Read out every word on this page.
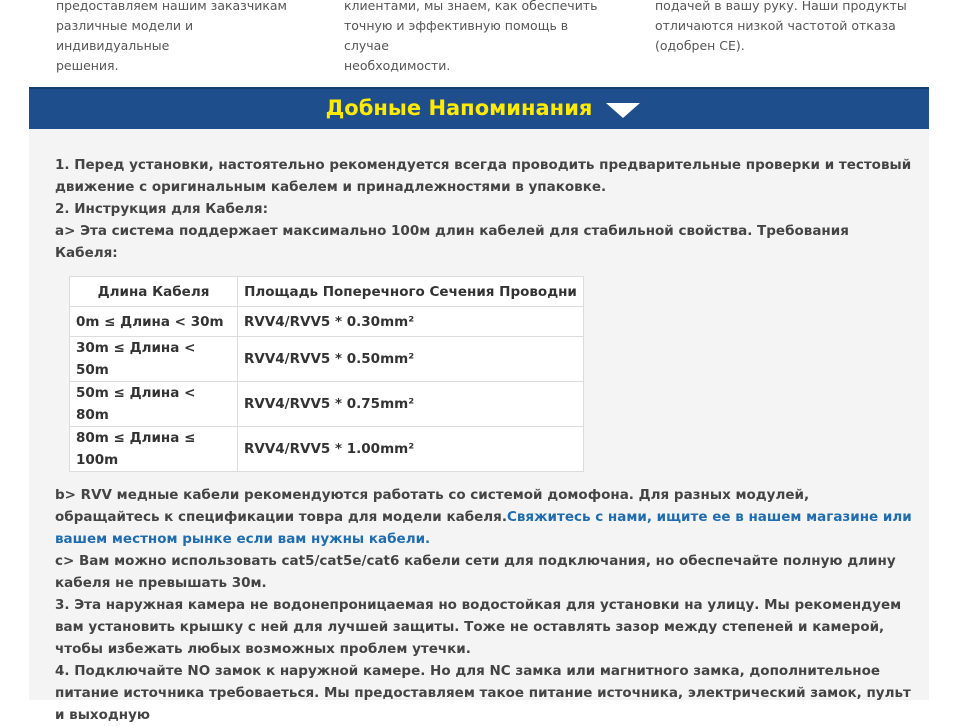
предоставляем нашим заказчикам

различные модели и индивидуальные

решения.

клиентами, мы знаем, как обеспечить

точную и эффективную помощь в случае

необходимости.

подачей в вашу руку. Наши продукты

отличаются низкой частотой отказа

(одобрен CE).

Добные Напоминания

1. Перед установки, настоятельно рекомендуется всегда проводить предварительные проверки и тестовый движение с оригинальным кабелем и принадлежностями в упаковке.

2. Инструкция для Кабеля:

a> Эта система поддержает максимально 100м длин кабелей для стабильной свойства. Требования Кабеля:

Длина Кабеля	Площадь Поперечного Сечения Проводни
0m ≤ Длина < 30m	RVV4/RVV5 * 0.30mm²
30m ≤ Длина < 50m	RVV4/RVV5 * 0.50mm²
50m ≤ Длина < 80m	RVV4/RVV5 * 0.75mm²
80m ≤ Длина ≤ 100m	RVV4/RVV5 * 1.00mm²

b> RVV медные кабели рекомендуются работать со системой домофона. Для разных модулей, обращайтесь к спецификации товра для модели кабеля.Свяжитесь с нами, ищите ее в нашем магазине или вашем местном рынке если вам нужны кабели.

c> Вам можно использовать cat5/cat5e/cat6 кабели сети для подключания, но обеспечайте полную длину кабеля не превышать 30м.

3. Эта наружная камера не водонепроницаемая но водостойкая для установки на улицу. Мы рекомендуем вам установить крышку с ней для лучшей защиты. Тоже не оставлять зазор между степеней и камерой, чтобы избежать любых возможных проблем утечки.

4. Подключайте NO замок к наружной камере. Но для NC замка или магнитного замка, дополнительное питание источника требоваеться. Мы предоставляем такое питание источника, электрический замок, пульт и выходную
